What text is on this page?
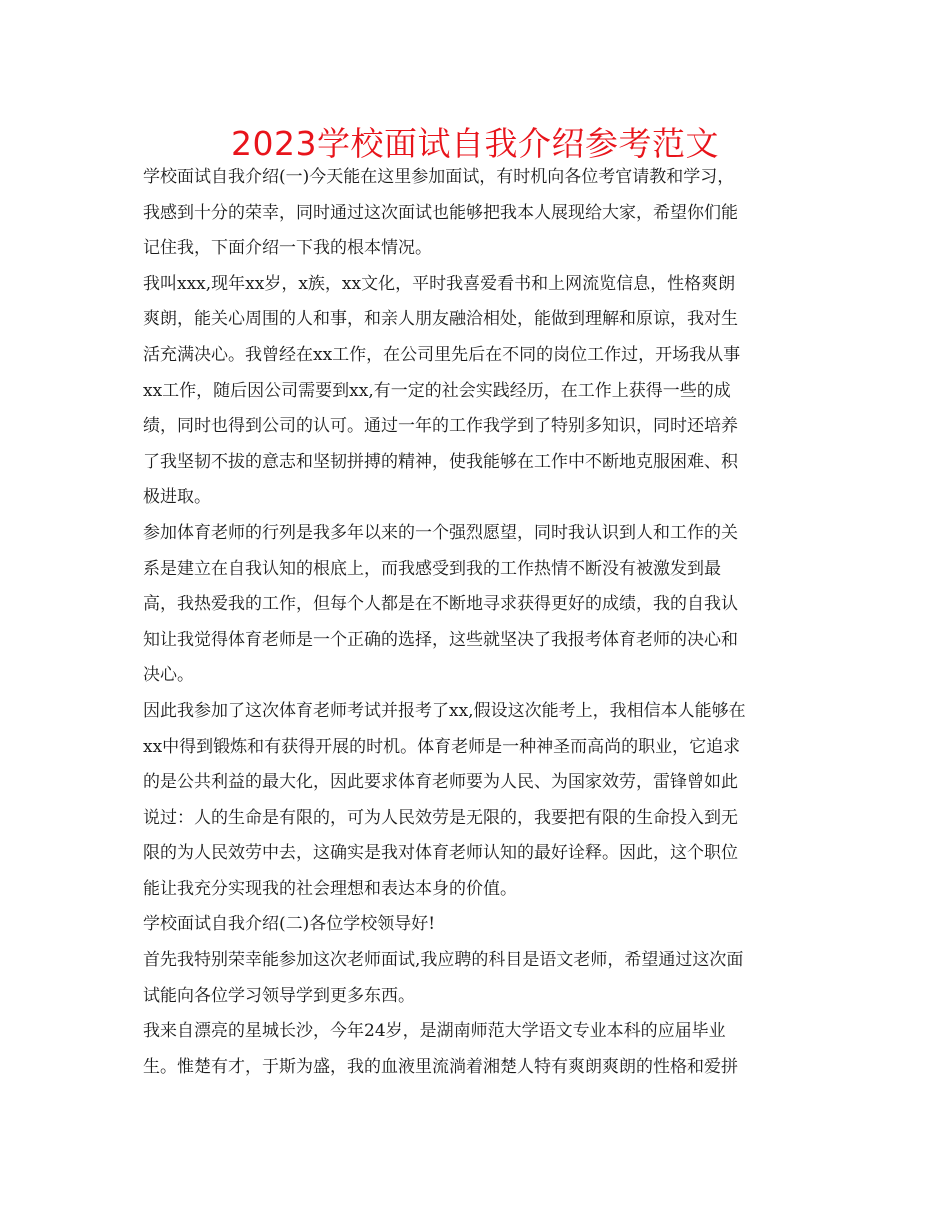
2023学校面试自我介绍参考范文
学校面试自我介绍(一)今天能在这里参加面试，有时机向各位考官请教和学习，
我感到十分的荣幸，同时通过这次面试也能够把我本人展现给大家，希望你们能
记住我，下面介绍一下我的根本情况。
我叫xxx,现年xx岁，x族，xx文化，平时我喜爱看书和上网流览信息，性格爽朗
爽朗，能关心周围的人和事，和亲人朋友融洽相处，能做到理解和原谅，我对生
活充满决心。我曾经在xx工作，在公司里先后在不同的岗位工作过，开场我从事
xx工作，随后因公司需要到xx,有一定的社会实践经历，在工作上获得一些的成
绩，同时也得到公司的认可。通过一年的工作我学到了特别多知识，同时还培养
了我坚韧不拔的意志和坚韧拼搏的精神，使我能够在工作中不断地克服困难、积
极进取。
参加体育老师的行列是我多年以来的一个强烈愿望，同时我认识到人和工作的关
系是建立在自我认知的根底上，而我感受到我的工作热情不断没有被激发到最
高，我热爱我的工作，但每个人都是在不断地寻求获得更好的成绩，我的自我认
知让我觉得体育老师是一个正确的选择，这些就坚决了我报考体育老师的决心和
决心。
因此我参加了这次体育老师考试并报考了xx,假设这次能考上，我相信本人能够在
xx中得到锻炼和有获得开展的时机。体育老师是一种神圣而高尚的职业，它追求
的是公共利益的最大化，因此要求体育老师要为人民、为国家效劳，雷锋曾如此
说过：人的生命是有限的，可为人民效劳是无限的，我要把有限的生命投入到无
限的为人民效劳中去，这确实是我对体育老师认知的最好诠释。因此，这个职位
能让我充分实现我的社会理想和表达本身的价值。
学校面试自我介绍(二)各位学校领导好!
首先我特别荣幸能参加这次老师面试,我应聘的科目是语文老师，希望通过这次面
试能向各位学习领导学到更多东西。
我来自漂亮的星城长沙，今年24岁，是湖南师范大学语文专业本科的应届毕业
生。惟楚有才，于斯为盛，我的血液里流淌着湘楚人特有爽朗爽朗的性格和爱拼
